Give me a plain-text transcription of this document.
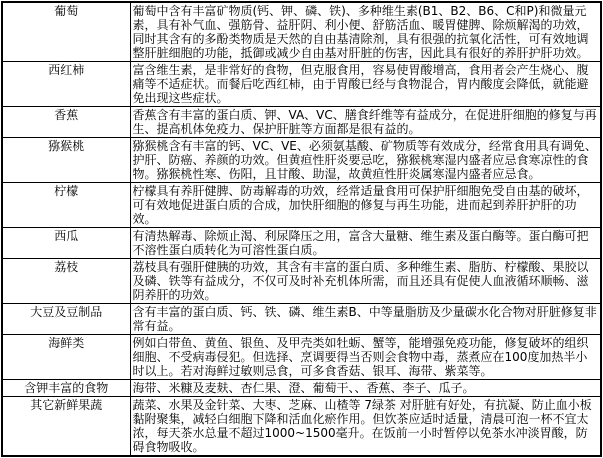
葡萄	葡萄中含有丰富矿物质(钙、钾、磷、铁)、多种维生素(B1、B2、B6、C和P)和微量元素，具有补气血、强筋骨、益肝阴、利小便、舒筋活血、暖胃健脾、除烦解渴的功效，同时其含有的多酚类物质是天然的自由基清除剂，具有很强的抗氧化活性，可有效地调整肝脏细胞的功能，抵御或减少自由基对肝脏的伤害，因此具有很好的养肝护肝功效。
西红柿	富含维生素，是非常好的食物，但克服食用，容易使胃酸增高，食用者会产生烧心、腹痛等不适症状。而餐后吃西红柿，由于胃酸已经与食物混合，胃内酸度会降低，就能避免出现这些症状。
香蕉	香蕉含有丰富的蛋白质、钾、VA、VC、膳食纤维等有益成分，在促进肝细胞的修复与再生、提高机体免疫力、保护肝脏等方面都是很有益的。
猕猴桃	猕猴桃含有丰富的钙、VC、VE、必须氨基酸、矿物质等有效成分，经常食用具有调免、护肝、防癌、养颜的功效。但黄疸性肝炎要忌吃，猕猴桃寒湿内盛者应忌食寒凉性的食物。猕猴桃性寒、伤阳，且甘酸、助湿，故黄疸性肝炎属寒湿内盛者应忌食。
柠檬	柠檬具有养肝健脾、防毒解毒的功效，经常适量食用可保护肝细胞免受自由基的破坏，可有效地促进蛋白质的合成，加快肝细胞的修复与再生功能，进而起到养肝护肝的功效。
西瓜	有清热解毒、除烦止渴、利尿降压之用，富含大量糖、维生素及蛋白酶等。蛋白酶可把不溶性蛋白质转化为可溶性蛋白质。
荔枝	荔枝具有强肝健胰的功效，其含有丰富的蛋白质、多种维生素、脂肪、柠檬酸、果胶以及磷、铁等有益成分，不仅可及时补充机体所需，而且还具有促使人血液循环顺畅、滋阴养肝的功效。
大豆及豆制品	含有丰富的蛋白质、钙、铁、磷、维生素B、中等量脂肪及少量碳水化合物对肝脏修复非常有益。
海鲜类	例如白带鱼、黄鱼、银鱼、及甲壳类如牡蛎、蟹等，能增强免疫功能，修复破坏的组织细胞、不受病毒侵犯。但选择、烹调要得当否则会食物中毒，蒸煮应在100度加热半小时以上。若对海鲜过敏则忌食，可多食香菇、银耳、海带、紫菜等。
含钾丰富的食物	海带、米糠及麦麸、杏仁果、澄、葡萄干、、香蕉、李子、瓜子。
其它新鲜果蔬	蔬菜、水果及金针菜、大枣、芝麻、山楂等 7绿茶 对肝脏有好处，有抗凝、防止血小板黏附聚集，减轻白细胞下降和活血化瘀作用。但饮茶应适时适量，清晨可泡一杯不宜太浓，每天茶水总量不超过1000~1500毫升。在饭前一小时暂停以免茶水冲淡胃酸，防碍食物吸收。
